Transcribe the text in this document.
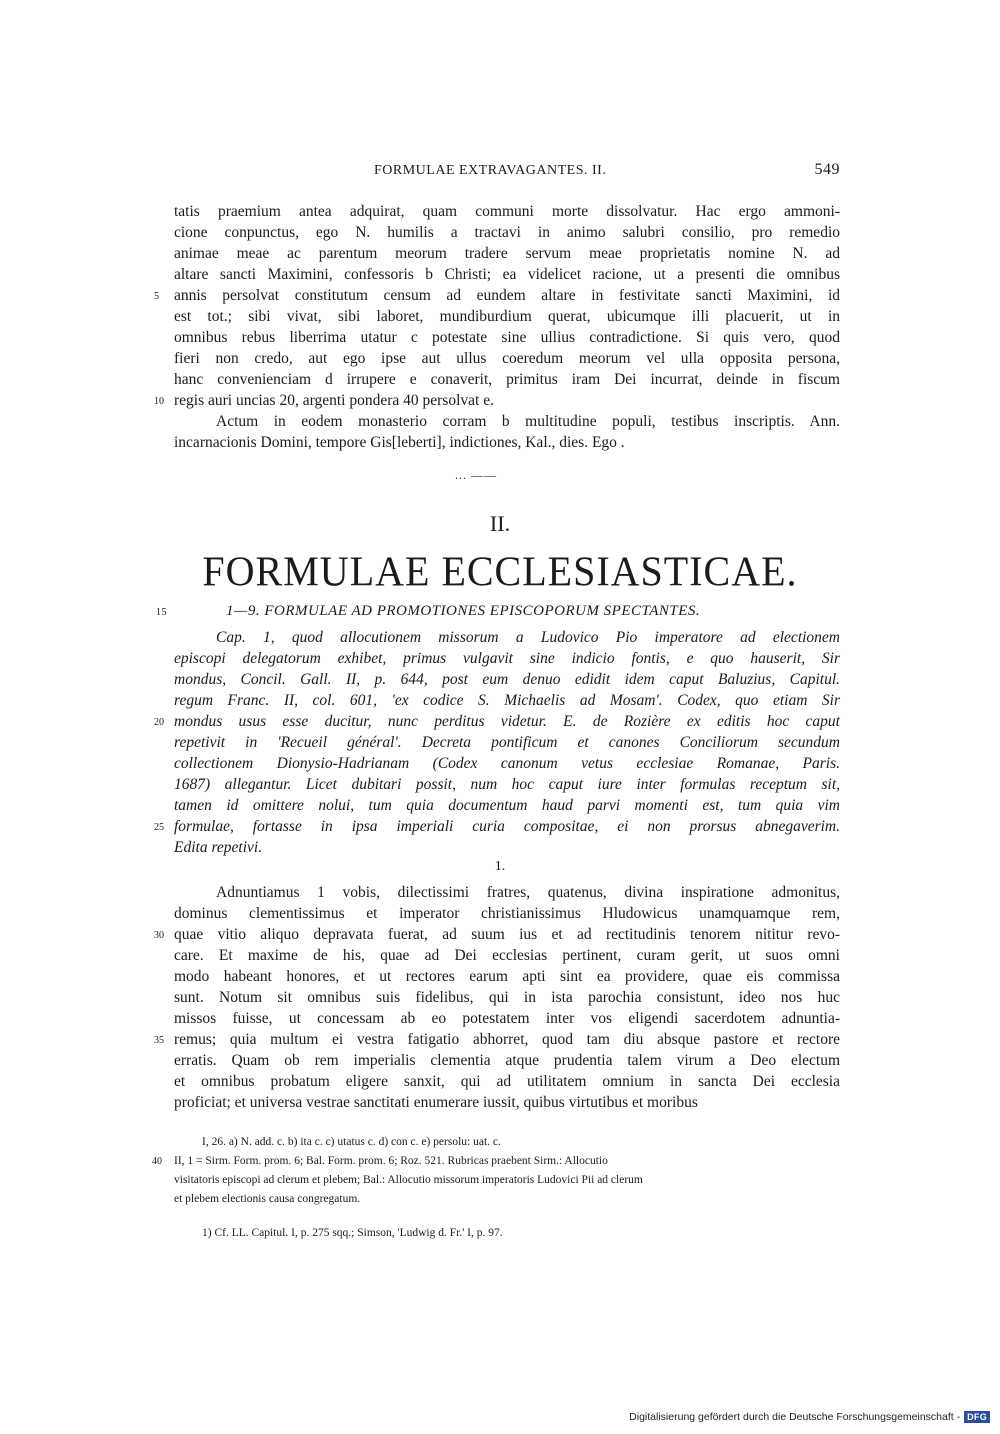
FORMULAE EXTRAVAGANTES. II.	549
tatis praemium antea adquirat, quam communi morte dissolvatur. Hac ergo ammoni-
cione conpunctus, ego N. humilis a tractavi in animo salubri consilio, pro remedio
animae meae ac parentum meorum tradere servum meae proprietatis nomine N. ad
altare sancti Maximini, confessoris b Christi; ea videlicet racione, ut a presenti die omnibus
5 annis persolvat constitutum censum ad eundem altare in festivitate sancti Maximini, id
est tot.; sibi vivat, sibi laboret, mundiburdium querat, ubicumque illi placuerit, ut in
omnibus rebus liberrima utatur c potestate sine ullius contradictione. Si quis vero, quod
fieri non credo, aut ego ipse aut ullus coeredum meorum vel ulla opposita persona,
hanc convenienciam d irrupere e conaverit, primitus iram Dei incurrat, deinde in fiscum
10 regis auri uncias 20, argenti pondera 40 persolvat e.
Actum in eodem monasterio corram b multitudine populi, testibus inscriptis. Ann.
incarnacionis Domini, tempore Gis[leberti], indictiones, Kal., dies. Ego .
... ——
II.
FORMULAE ECCLESIASTICAE.
15	1—9. FORMULAE AD PROMOTIONES EPISCOPORUM SPECTANTES.
Cap. 1, quod allocutionem missorum a Ludovico Pio imperatore ad electionem
episcopi delegatorum exhibet, primus vulgavit sine indicio fontis, e quo hauserit, Sir
mondus, Concil. Gall. II, p. 644, post eum denuo edidit idem caput Baluzius, Capitul.
regum Franc. II, col. 601, 'ex codice S. Michaelis ad Mosam'. Codex, quo etiam Sir
20 mondus usus esse ducitur, nunc perditus videtur. E. de Rozière ex editis hoc caput
repetivit in 'Recueil général'. Decreta pontificum et canones Conciliorum secundum
collectionem Dionysio-Hadrianam (Codex canonum vetus ecclesiae Romanae, Paris.
1687) allegantur. Licet dubitari possit, num hoc caput iure inter formulas receptum sit,
tamen id omittere nolui, tum quia documentum haud parvi momenti est, tum quia vim
25 formulae, fortasse in ipsa imperiali curia compositae, ei non prorsus abnegaverim.
Edita repetivi.
1.
Adnuntiamus 1 vobis, dilectissimi fratres, quatenus, divina inspiratione admonitus,
dominus clementissimus et imperator christianissimus Hludowicus unamquamque rem,
30 quae vitio aliquo depravata fuerat, ad suum ius et ad rectitudinis tenorem nititur revo-
care. Et maxime de his, quae ad Dei ecclesias pertinent, curam gerit, ut suos omni
modo habeant honores, et ut rectores earum apti sint ea providere, quae eis commissa
sunt. Notum sit omnibus suis fidelibus, qui in ista parochia consistunt, ideo nos huc
missos fuisse, ut concessam ab eo potestatem inter vos eligendi sacerdotem adnuntia-
35 remus; quia multum ei vestra fatigatio abhorret, quod tam diu absque pastore et rectore
erratis. Quam ob rem imperialis clementia atque prudentia talem virum a Deo electum
et omnibus probatum eligere sanxit, qui ad utilitatem omnium in sancta Dei ecclesia
proficiat; et universa vestrae sanctitati enumerare iussit, quibus virtutibus et moribus
I, 26. a) N. add. c. b) ita c. c) utatus c. d) con c. e) persolu: uat. c.
40 II, 1 = Sirm. Form. prom. 6; Bal. Form. prom. 6; Roz. 521. Rubricas praebent Sirm.: Allocutio
visitatoris episcopi ad clerum et plebem; Bal.: Allocutio missorum imperatoris Ludovici Pii ad clerum
et plebem electionis causa congregatum.
1) Cf. LL. Capitul. I, p. 275 sqq.; Simson, 'Ludwig d. Fr.' I, p. 97.
Digitalisierung gefördert durch die Deutsche Forschungsgemeinschaft - DFG
